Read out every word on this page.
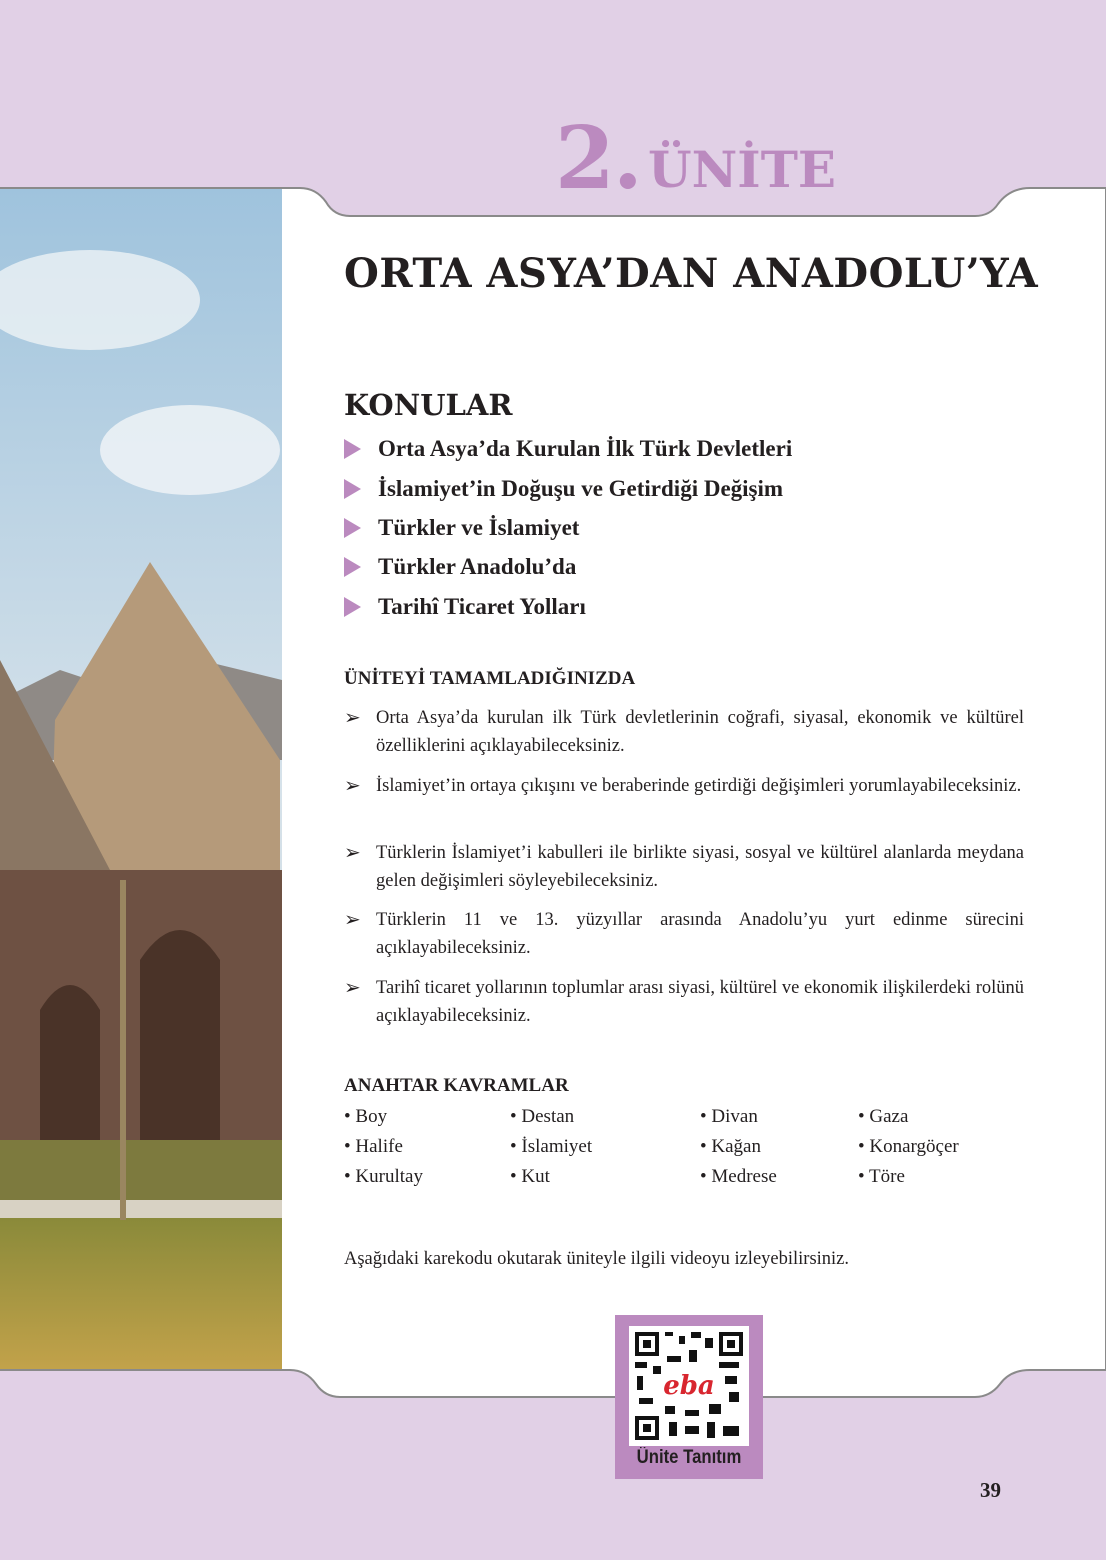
2. ÜNİTE
ORTA ASYA’DAN ANADOLU’YA
KONULAR
Orta Asya’da Kurulan İlk Türk Devletleri
İslamiyet’in Doğuşu ve Getirdiği Değişim
Türkler ve İslamiyet
Türkler Anadolu’da
Tarihî Ticaret Yolları
ÜNİTEYİ TAMAMLADIĞINIZDA
➢ Orta Asya’da kurulan ilk Türk devletlerinin coğrafi, siyasal, ekonomik ve kültürel özelliklerini açıklayabileceksiniz.
➢ İslamiyet’in ortaya çıkışını ve beraberinde getirdiği değişimleri yorumlayabileceksiniz.
➢ Türklerin İslamiyet’i kabulleri ile birlikte siyasi, sosyal ve kültürel alanlarda meydana gelen değişimleri söyleyebileceksiniz.
➢ Türklerin 11 ve 13. yüzyıllar arasında Anadolu’yu yurt edinme sürecini açıklayabileceksiniz.
➢ Tarihî ticaret yollarının toplumlar arası siyasi, kültürel ve ekonomik ilişkilerdeki rolünü açıklayabileceksiniz.
ANAHTAR KAVRAMLAR
• Boy	• Destan	• Divan	• Gaza
• Halife	• İslamiyet	• Kağan	• Konargöçer
• Kurultay	• Kut	• Medrese	• Töre
Aşağıdaki karekodu okutarak üniteyle ilgili videoyu izleyebilirsiniz.
eba
Ünite Tanıtım
39
